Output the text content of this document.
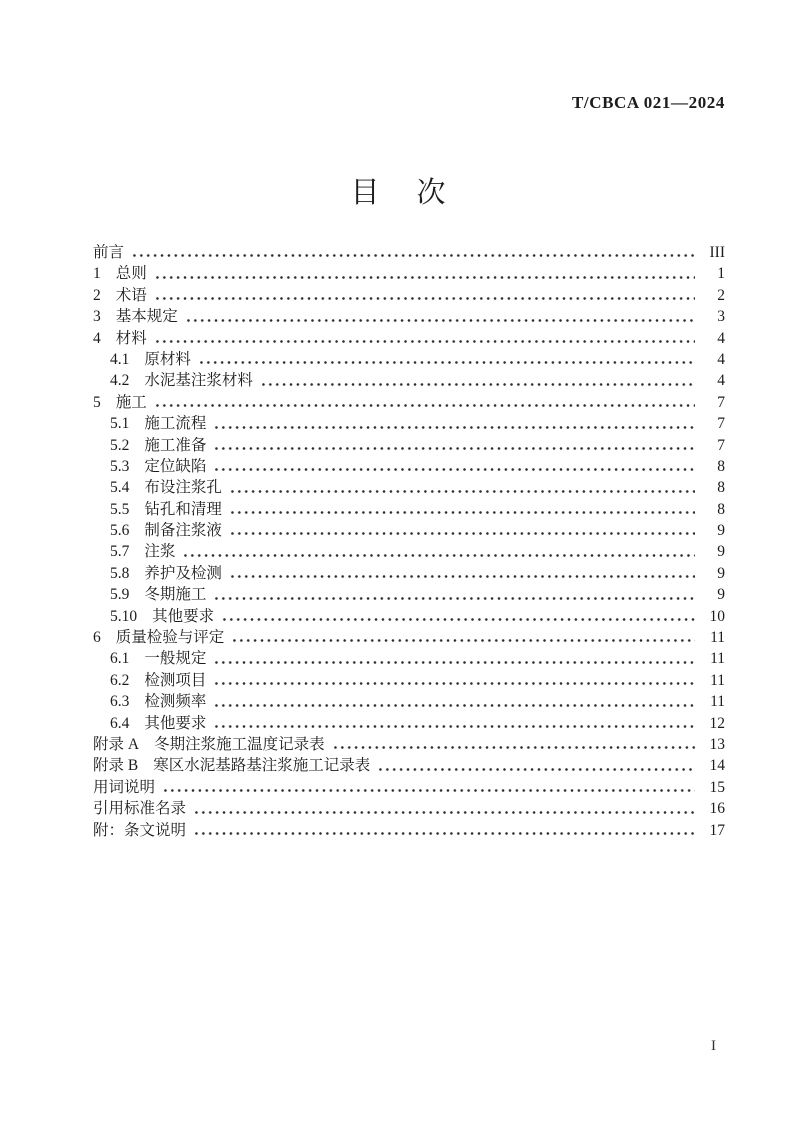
T/CBCA 021—2024
目　次
前言	III
1 总则	1
2 术语	2
3 基本规定	3
4 材料	4
4.1 原材料	4
4.2 水泥基注浆材料	4
5 施工	7
5.1 施工流程	7
5.2 施工准备	7
5.3 定位缺陷	8
5.4 布设注浆孔	8
5.5 钻孔和清理	8
5.6 制备注浆液	9
5.7 注浆	9
5.8 养护及检测	9
5.9 冬期施工	9
5.10 其他要求	10
6 质量检验与评定	11
6.1 一般规定	11
6.2 检测项目	11
6.3 检测频率	11
6.4 其他要求	12
附录 A 冬期注浆施工温度记录表	13
附录 B 寒区水泥基路基注浆施工记录表	14
用词说明	15
引用标准名录	16
附：条文说明	17
I
